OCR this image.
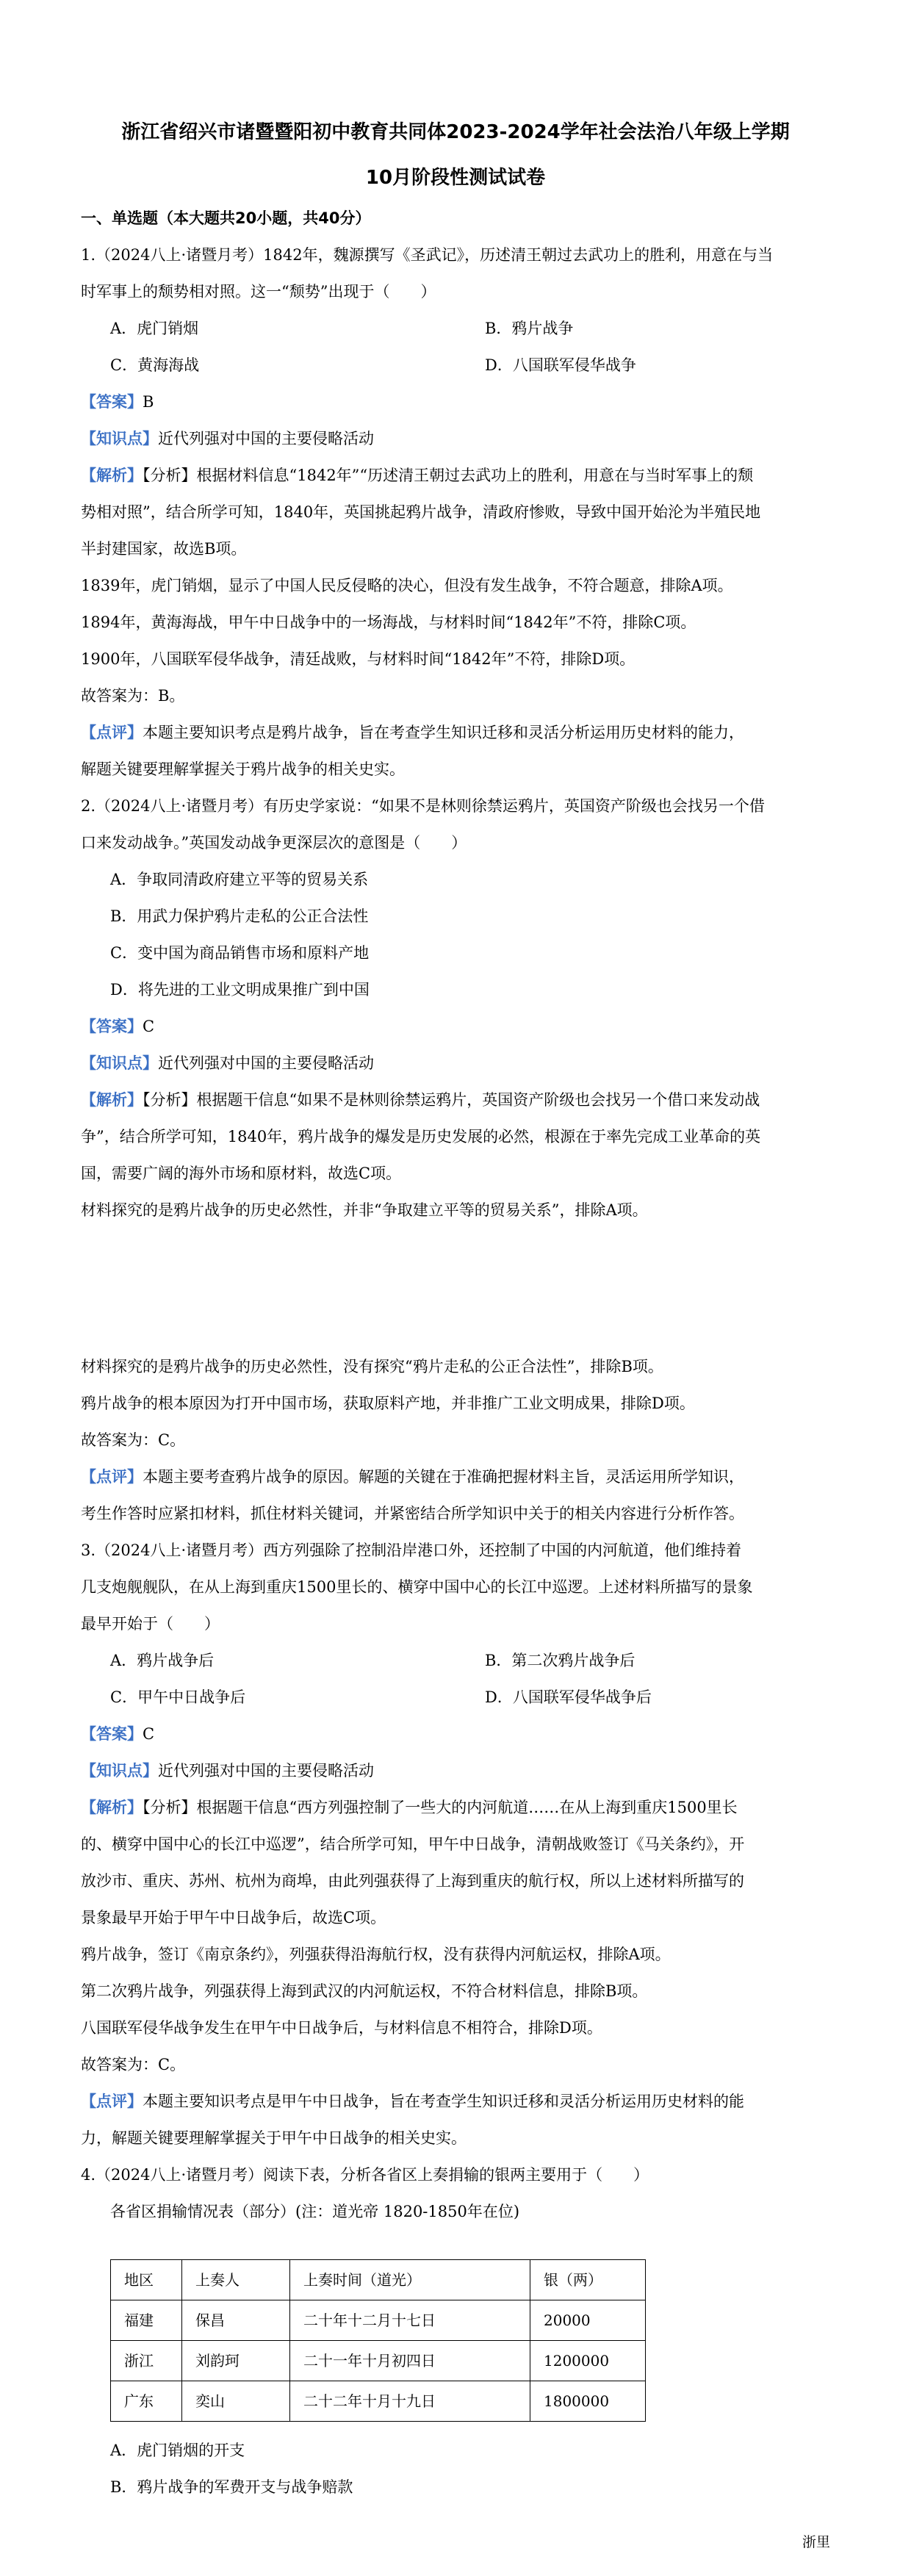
浙江省绍兴市诸暨暨阳初中教育共同体2023-2024学年社会法治八年级上学期
10月阶段性测试试卷
一、单选题（本大题共20小题，共40分）
1.（2024八上·诸暨月考）1842年，魏源撰写《圣武记》，历述清王朝过去武功上的胜利，用意在与当
时军事上的颓势相对照。这一“颓势”出现于（　　）
A．虎门销烟	B．鸦片战争
C．黄海海战	D．八国联军侵华战争
【答案】B
【知识点】近代列强对中国的主要侵略活动
【解析】【分析】根据材料信息“1842年”“历述清王朝过去武功上的胜利，用意在与当时军事上的颓
势相对照”，结合所学可知，1840年，英国挑起鸦片战争，清政府惨败，导致中国开始沦为半殖民地
半封建国家，故选B项。
1839年，虎门销烟，显示了中国人民反侵略的决心，但没有发生战争，不符合题意，排除A项。
1894年，黄海海战，甲午中日战争中的一场海战，与材料时间“1842年”不符，排除C项。
1900年，八国联军侵华战争，清廷战败，与材料时间“1842年”不符，排除D项。
故答案为：B。
【点评】本题主要知识考点是鸦片战争，旨在考查学生知识迁移和灵活分析运用历史材料的能力，
解题关键要理解掌握关于鸦片战争的相关史实。
2.（2024八上·诸暨月考）有历史学家说：“如果不是林则徐禁运鸦片，英国资产阶级也会找另一个借
口来发动战争。”英国发动战争更深层次的意图是（　　）
A．争取同清政府建立平等的贸易关系
B．用武力保护鸦片走私的公正合法性
C．变中国为商品销售市场和原料产地
D．将先进的工业文明成果推广到中国
【答案】C
【知识点】近代列强对中国的主要侵略活动
【解析】【分析】根据题干信息“如果不是林则徐禁运鸦片，英国资产阶级也会找另一个借口来发动战
争”，结合所学可知，1840年，鸦片战争的爆发是历史发展的必然，根源在于率先完成工业革命的英
国，需要广阔的海外市场和原材料，故选C项。
材料探究的是鸦片战争的历史必然性，并非“争取建立平等的贸易关系”，排除A项。
材料探究的是鸦片战争的历史必然性，没有探究“鸦片走私的公正合法性”，排除B项。
鸦片战争的根本原因为打开中国市场，获取原料产地，并非推广工业文明成果，排除D项。
故答案为：C。
【点评】本题主要考查鸦片战争的原因。解题的关键在于准确把握材料主旨，灵活运用所学知识，
考生作答时应紧扣材料，抓住材料关键词，并紧密结合所学知识中关于的相关内容进行分析作答。
3.（2024八上·诸暨月考）西方列强除了控制沿岸港口外，还控制了中国的内河航道，他们维持着
几支炮舰舰队，在从上海到重庆1500里长的、横穿中国中心的长江中巡逻。上述材料所描写的景象
最早开始于（　　）
A．鸦片战争后	B．第二次鸦片战争后
C．甲午中日战争后	D．八国联军侵华战争后
【答案】C
【知识点】近代列强对中国的主要侵略活动
【解析】【分析】根据题干信息“西方列强控制了一些大的内河航道……在从上海到重庆1500里长
的、横穿中国中心的长江中巡逻”，结合所学可知，甲午中日战争，清朝战败签订《马关条约》，开
放沙市、重庆、苏州、杭州为商埠，由此列强获得了上海到重庆的航行权，所以上述材料所描写的
景象最早开始于甲午中日战争后，故选C项。
鸦片战争，签订《南京条约》，列强获得沿海航行权，没有获得内河航运权，排除A项。
第二次鸦片战争，列强获得上海到武汉的内河航运权，不符合材料信息，排除B项。
八国联军侵华战争发生在甲午中日战争后，与材料信息不相符合，排除D项。
故答案为：C。
【点评】本题主要知识考点是甲午中日战争，旨在考查学生知识迁移和灵活分析运用历史材料的能
力，解题关键要理解掌握关于甲午中日战争的相关史实。
4.（2024八上·诸暨月考）阅读下表，分析各省区上奏捐输的银两主要用于（　　）
各省区捐输情况表（部分）(注：道光帝 1820-1850年在位)
地区	上奏人	上奏时间（道光）	银（两）
福建	保昌	二十年十二月十七日	20000
浙江	刘韵珂	二十一年十月初四日	1200000
广东	奕山	二十二年十月十九日	1800000
A．虎门销烟的开支
B．鸦片战争的军费开支与战争赔款
浙里
